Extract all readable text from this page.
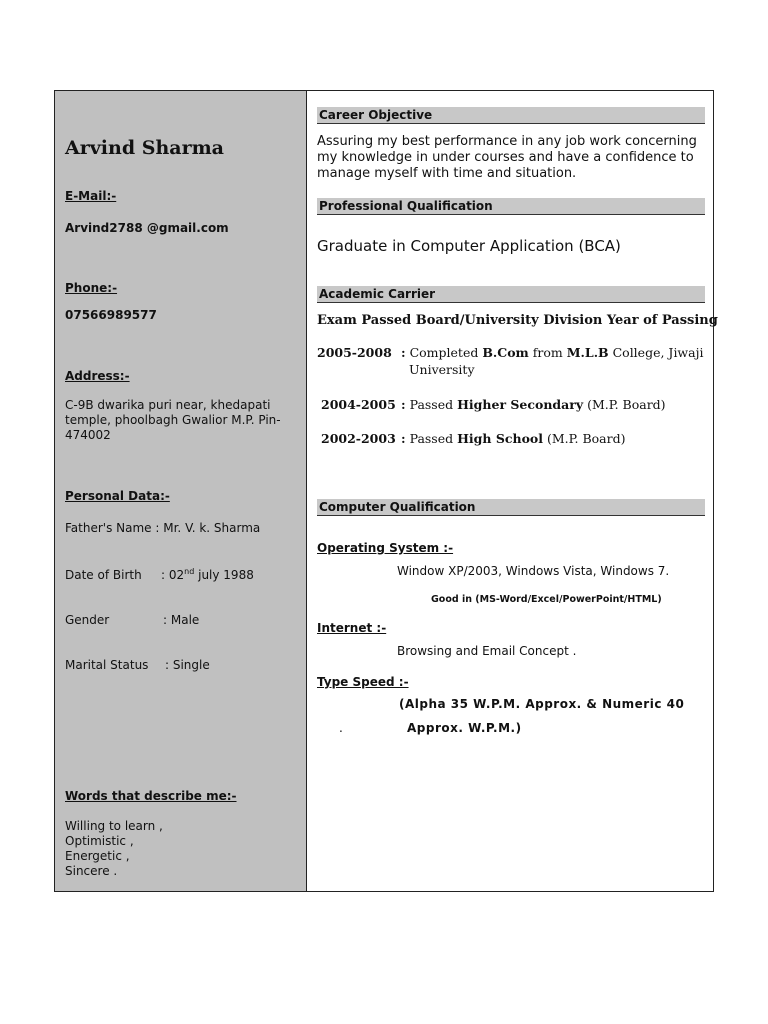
Arvind Sharma
E-Mail:-
Arvind2788 @gmail.com
Phone:-
07566989577
Address:-
C-9B dwarika puri near, khedapati temple, phoolbagh Gwalior M.P. Pin-474002
Personal Data:-
Father's Name : Mr. V. k. Sharma
Date of Birth : 02nd july 1988
Gender	: Male
Marital Status : Single
Words that describe me:-
Willing to learn ,
Optimistic ,
Energetic ,
Sincere .
Career Objective
Assuring my best performance in any job work concerning my knowledge in under courses and have a confidence to manage myself with time and situation.
Professional Qualification
Graduate in Computer Application (BCA)
Academic Carrier
Exam Passed Board/University Division Year of Passing
2005-2008 : Completed B.Com from M.L.B College, Jiwaji
University
2004-2005 : Passed Higher Secondary (M.P. Board)
2002-2003 : Passed High School (M.P. Board)
Computer Qualification
Operating System :-
Window XP/2003, Windows Vista, Windows 7.
Good in (MS-Word/Excel/PowerPoint/HTML)
Internet :-
Browsing and Email Concept .
Type Speed :-
(Alpha 35 W.P.M. Approx. & Numeric 40
.	Approx. W.P.M.)
